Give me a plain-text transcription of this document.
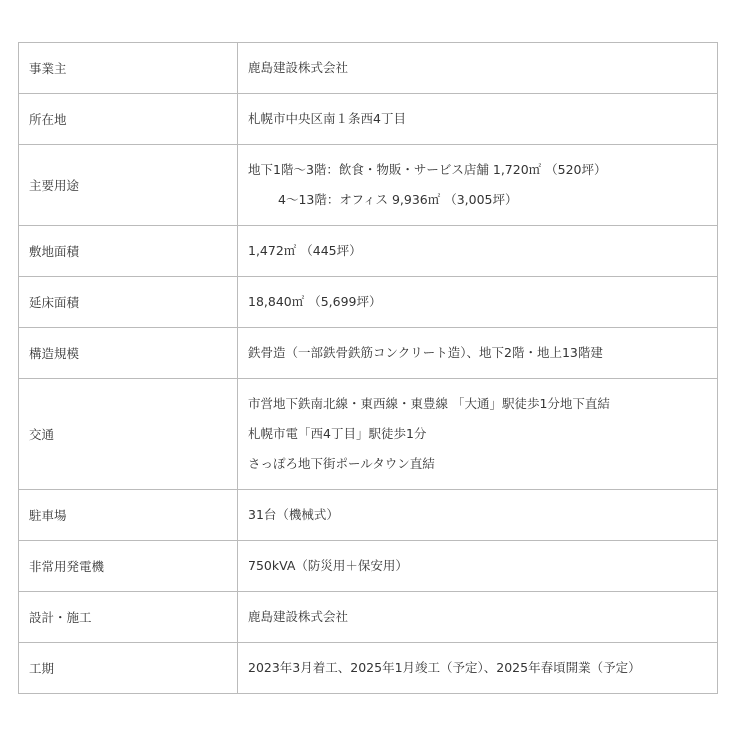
事業主	鹿島建設株式会社

所在地	札幌市中央区南１条西4丁目

主要用途	地下1階〜3階：飲食・物販・サービス店舗 1,720㎡ （520坪）
4〜13階：オフィス 9,936㎡ （3,005坪）

敷地面積	1,472㎡ （445坪）

延床面積	18,840㎡ （5,699坪）

構造規模	鉄骨造（一部鉄骨鉄筋コンクリート造）、地下2階・地上13階建

交通	市営地下鉄南北線・東西線・東豊線 「大通」駅徒歩1分地下直結
札幌市電「西4丁目」駅徒歩1分
さっぽろ地下街ポールタウン直結

駐車場	31台（機械式）

非常用発電機	750kVA（防災用＋保安用）

設計・施工	鹿島建設株式会社

工期	2023年3月着工、2025年1月竣工（予定）、2025年春頃開業（予定）
